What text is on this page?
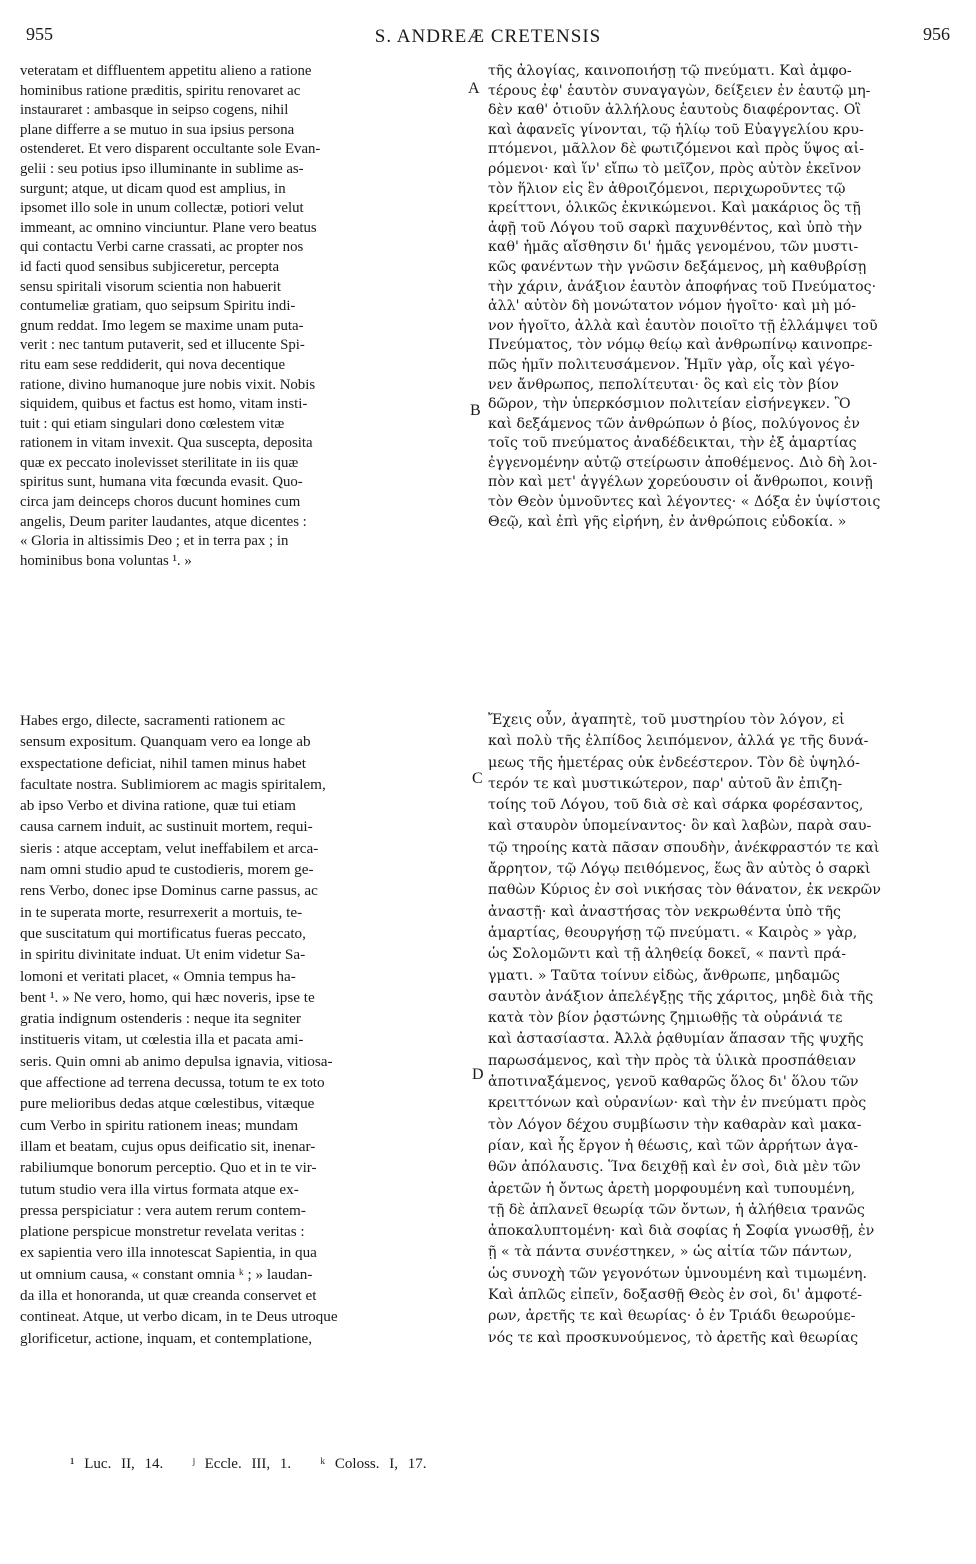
955	S. ANDREÆ CRETENSIS	956
veteratam et diffluentem appetitu alieno a ratione
hominibus ratione præditis, spiritu renovaret ac
instauraret : ambasque in seipso cogens, nihil
plane differre a se mutuo in sua ipsius persona
ostenderet. Et vero disparent occultante sole Evan-
gelii : seu potius ipso illuminante in sublime as-
surgunt; atque, ut dicam quod est amplius, in
ipsomet illo sole in unum collectæ, potiori velut
immeant, ac omnino vinciuntur. Plane vero beatus
qui contactu Verbi carne crassati, ac propter nos
id facti quod sensibus subjiceretur, percepta
sensu spiritali visorum scientia non habuerit
contumeliæ gratiam, quo seipsum Spiritu indi-
gnum reddat. Imo legem se maxime unam puta-
verit : nec tantum putaverit, sed et illucente Spi-
ritu eam sese reddiderit, qui nova decentique
ratione, divino humanoque jure nobis vixit. Nobis
siquidem, quibus et factus est homo, vitam insti-
tuit : qui etiam singulari dono cœlestem vitæ
rationem in vitam invexit. Qua suscepta, deposita
quæ ex peccato inolevisset sterilitate in iis quæ
spiritus sunt, humana vita fœcunda evasit. Quo-
circa jam deinceps choros ducunt homines cum
angelis, Deum pariter laudantes, atque dicentes :
« Gloria in altissimis Deo ; et in terra pax ; in
hominibus bona voluntas ¹. »
τῆς ἀλογίας, καινοποιήσῃ τῷ πνεύματι. Καὶ ἀμφο-
τέρους ἐφ' ἑαυτὸν συναγαγὼν, δείξειεν ἐν ἑαυτῷ μη-
δὲν καθ' ὁτιοῦν ἀλλήλους ἑαυτοὺς διαφέροντας. Οἳ
καὶ ἀφανεῖς γίνονται, τῷ ἡλίῳ τοῦ Εὐαγγελίου κρυ-
πτόμενοι, μᾶλλον δὲ φωτιζόμενοι καὶ πρὸς ὕψος αἰ-
ρόμενοι· καὶ ἵν' εἴπω τὸ μεῖζον, πρὸς αὐτὸν ἐκεῖνον
τὸν ἥλιον εἰς ἓν ἀθροιζόμενοι, περιχωροῦντες τῷ
κρείττονι, ὁλικῶς ἐκνικώμενοι. Καὶ μακάριος ὃς τῇ
ἀφῇ τοῦ Λόγου τοῦ σαρκὶ παχυνθέντος, καὶ ὑπὸ τὴν
καθ' ἡμᾶς αἴσθησιν δι' ἡμᾶς γενομένου, τῶν μυστι-
κῶς φανέντων τὴν γνῶσιν δεξάμενος, μὴ καθυβρίσῃ
τὴν χάριν, ἀνάξιον ἑαυτὸν ἀποφήνας τοῦ Πνεύματος·
ἀλλ' αὐτὸν δὴ μονώτατον νόμον ἡγοῖτο· καὶ μὴ μό-
νον ἡγοῖτο, ἀλλὰ καὶ ἑαυτὸν ποιοῖτο τῇ ἐλλάμψει τοῦ
Πνεύματος, τὸν νόμῳ θείῳ καὶ ἀνθρωπίνῳ καινοπρε-
πῶς ἡμῖν πολιτευσάμενον. Ἡμῖν γὰρ, οἷς καὶ γέγο-
νεν ἄνθρωπος, πεπολίτευται· ὃς καὶ εἰς τὸν βίον
δῶρον, τὴν ὑπερκόσμιον πολιτείαν εἰσήνεγκεν. Ὃ
καὶ δεξάμενος τῶν ἀνθρώπων ὁ βίος, πολύγονος ἐν
τοῖς τοῦ πνεύματος ἀναδέδεικται, τὴν ἐξ ἁμαρτίας
ἐγγενομένην αὐτῷ στείρωσιν ἀποθέμενος. Διὸ δὴ λοι-
πὸν καὶ μετ' ἀγγέλων χορεύουσιν οἱ ἄνθρωποι, κοινῇ
τὸν Θεὸν ὑμνοῦντες καὶ λέγοντες· « Δόξα ἐν ὑψίστοις
Θεῷ, καὶ ἐπὶ γῆς εἰρήνη, ἐν ἀνθρώποις εὐδοκία. »
A
B
C
D
Habes ergo, dilecte, sacramenti rationem ac
sensum expositum. Quanquam vero ea longe ab
exspectatione deficiat, nihil tamen minus habet
facultate nostra. Sublimiorem ac magis spiritalem,
ab ipso Verbo et divina ratione, quæ tui etiam
causa carnem induit, ac sustinuit mortem, requi-
sieris : atque acceptam, velut ineffabilem et arca-
nam omni studio apud te custodieris, morem ge-
rens Verbo, donec ipse Dominus carne passus, ac
in te superata morte, resurrexerit a mortuis, te-
que suscitatum qui mortificatus fueras peccato,
in spiritu divinitate induat. Ut enim videtur Sa-
lomoni et veritati placet, « Omnia tempus ha-
bent ¹. » Ne vero, homo, qui hæc noveris, ipse te
gratia indignum ostenderis : neque ita segniter
institueris vitam, ut cœlestia illa et pacata ami-
seris. Quin omni ab animo depulsa ignavia, vitiosa-
que affectione ad terrena decussa, totum te ex toto
pure melioribus dedas atque cœlestibus, vitæque
cum Verbo in spiritu rationem ineas; mundam
illam et beatam, cujus opus deificatio sit, inenar-
rabiliumque bonorum perceptio. Quo et in te vir-
tutum studio vera illa virtus formata atque ex-
pressa perspiciatur : vera autem rerum contem-
platione perspicue monstretur revelata veritas :
ex sapientia vero illa innotescat Sapientia, in qua
ut omnium causa, « constant omnia ᵏ ; » laudan-
da illa et honoranda, ut quæ creanda conservet et
contineat. Atque, ut verbo dicam, in te Deus utroque
glorificetur, actione, inquam, et contemplatione,
Ἔχεις οὖν, ἀγαπητὲ, τοῦ μυστηρίου τὸν λόγον, εἰ
καὶ πολὺ τῆς ἐλπίδος λειπόμενον, ἀλλά γε τῆς δυνά-
μεως τῆς ἡμετέρας οὐκ ἐνδεέστερον. Τὸν δὲ ὑψηλό-
τερόν τε καὶ μυστικώτερον, παρ' αὐτοῦ ἂν ἐπιζη-
τοίης τοῦ Λόγου, τοῦ διὰ σὲ καὶ σάρκα φορέσαντος,
καὶ σταυρὸν ὑπομείναντος· ὃν καὶ λαβὼν, παρὰ σαυ-
τῷ τηροίης κατὰ πᾶσαν σπουδὴν, ἀνέκφραστόν τε καὶ
ἄρρητον, τῷ Λόγῳ πειθόμενος, ἕως ἂν αὐτὸς ὁ σαρκὶ
παθὼν Κύριος ἐν σοὶ νικήσας τὸν θάνατον, ἐκ νεκρῶν
ἀναστῇ· καὶ ἀναστήσας τὸν νεκρωθέντα ὑπὸ τῆς
ἁμαρτίας, θεουργήσῃ τῷ πνεύματι. « Καιρὸς » γὰρ,
ὡς Σολομῶντι καὶ τῇ ἀληθείᾳ δοκεῖ, « παντὶ πρά-
γματι. » Ταῦτα τοίνυν εἰδὼς, ἄνθρωπε, μηδαμῶς
σαυτὸν ἀνάξιον ἀπελέγξῃς τῆς χάριτος, μηδὲ διὰ τῆς
κατὰ τὸν βίον ῥᾳστώνης ζημιωθῇς τὰ οὐράνιά τε
καὶ ἀστασίαστα. Ἀλλὰ ῥᾳθυμίαν ἅπασαν τῆς ψυχῆς
παρωσάμενος, καὶ τὴν πρὸς τὰ ὑλικὰ προσπάθειαν
ἀποτιναξάμενος, γενοῦ καθαρῶς ὅλος δι' ὅλου τῶν
κρειττόνων καὶ οὐρανίων· καὶ τὴν ἐν πνεύματι πρὸς
τὸν Λόγον δέχου συμβίωσιν τὴν καθαρὰν καὶ μακα-
ρίαν, καὶ ἧς ἔργον ἡ θέωσις, καὶ τῶν ἀρρήτων ἀγα-
θῶν ἀπόλαυσις. Ἵνα δειχθῇ καὶ ἐν σοὶ, διὰ μὲν τῶν
ἀρετῶν ἡ ὄντως ἀρετὴ μορφουμένη καὶ τυπουμένη,
τῇ δὲ ἀπλανεῖ θεωρίᾳ τῶν ὄντων, ἡ ἀλήθεια τρανῶς
ἀποκαλυπτομένη· καὶ διὰ σοφίας ἡ Σοφία γνωσθῇ, ἐν
ῇ « τὰ πάντα συνέστηκεν, » ὡς αἰτία τῶν πάντων,
ὡς συνοχὴ τῶν γεγονότων ὑμνουμένη καὶ τιμωμένη.
Καὶ ἁπλῶς εἰπεῖν, δοξασθῇ Θεὸς ἐν σοὶ, δι' ἀμφοτέ-
ρων, ἀρετῆς τε καὶ θεωρίας· ὁ ἐν Τριάδι θεωρούμε-
νός τε καὶ προσκυνούμενος, τὸ ἀρετῆς καὶ θεωρίας
¹ Luc. II, 14.   ʲ Eccle. III, 1.   ᵏ Coloss. I, 17.
